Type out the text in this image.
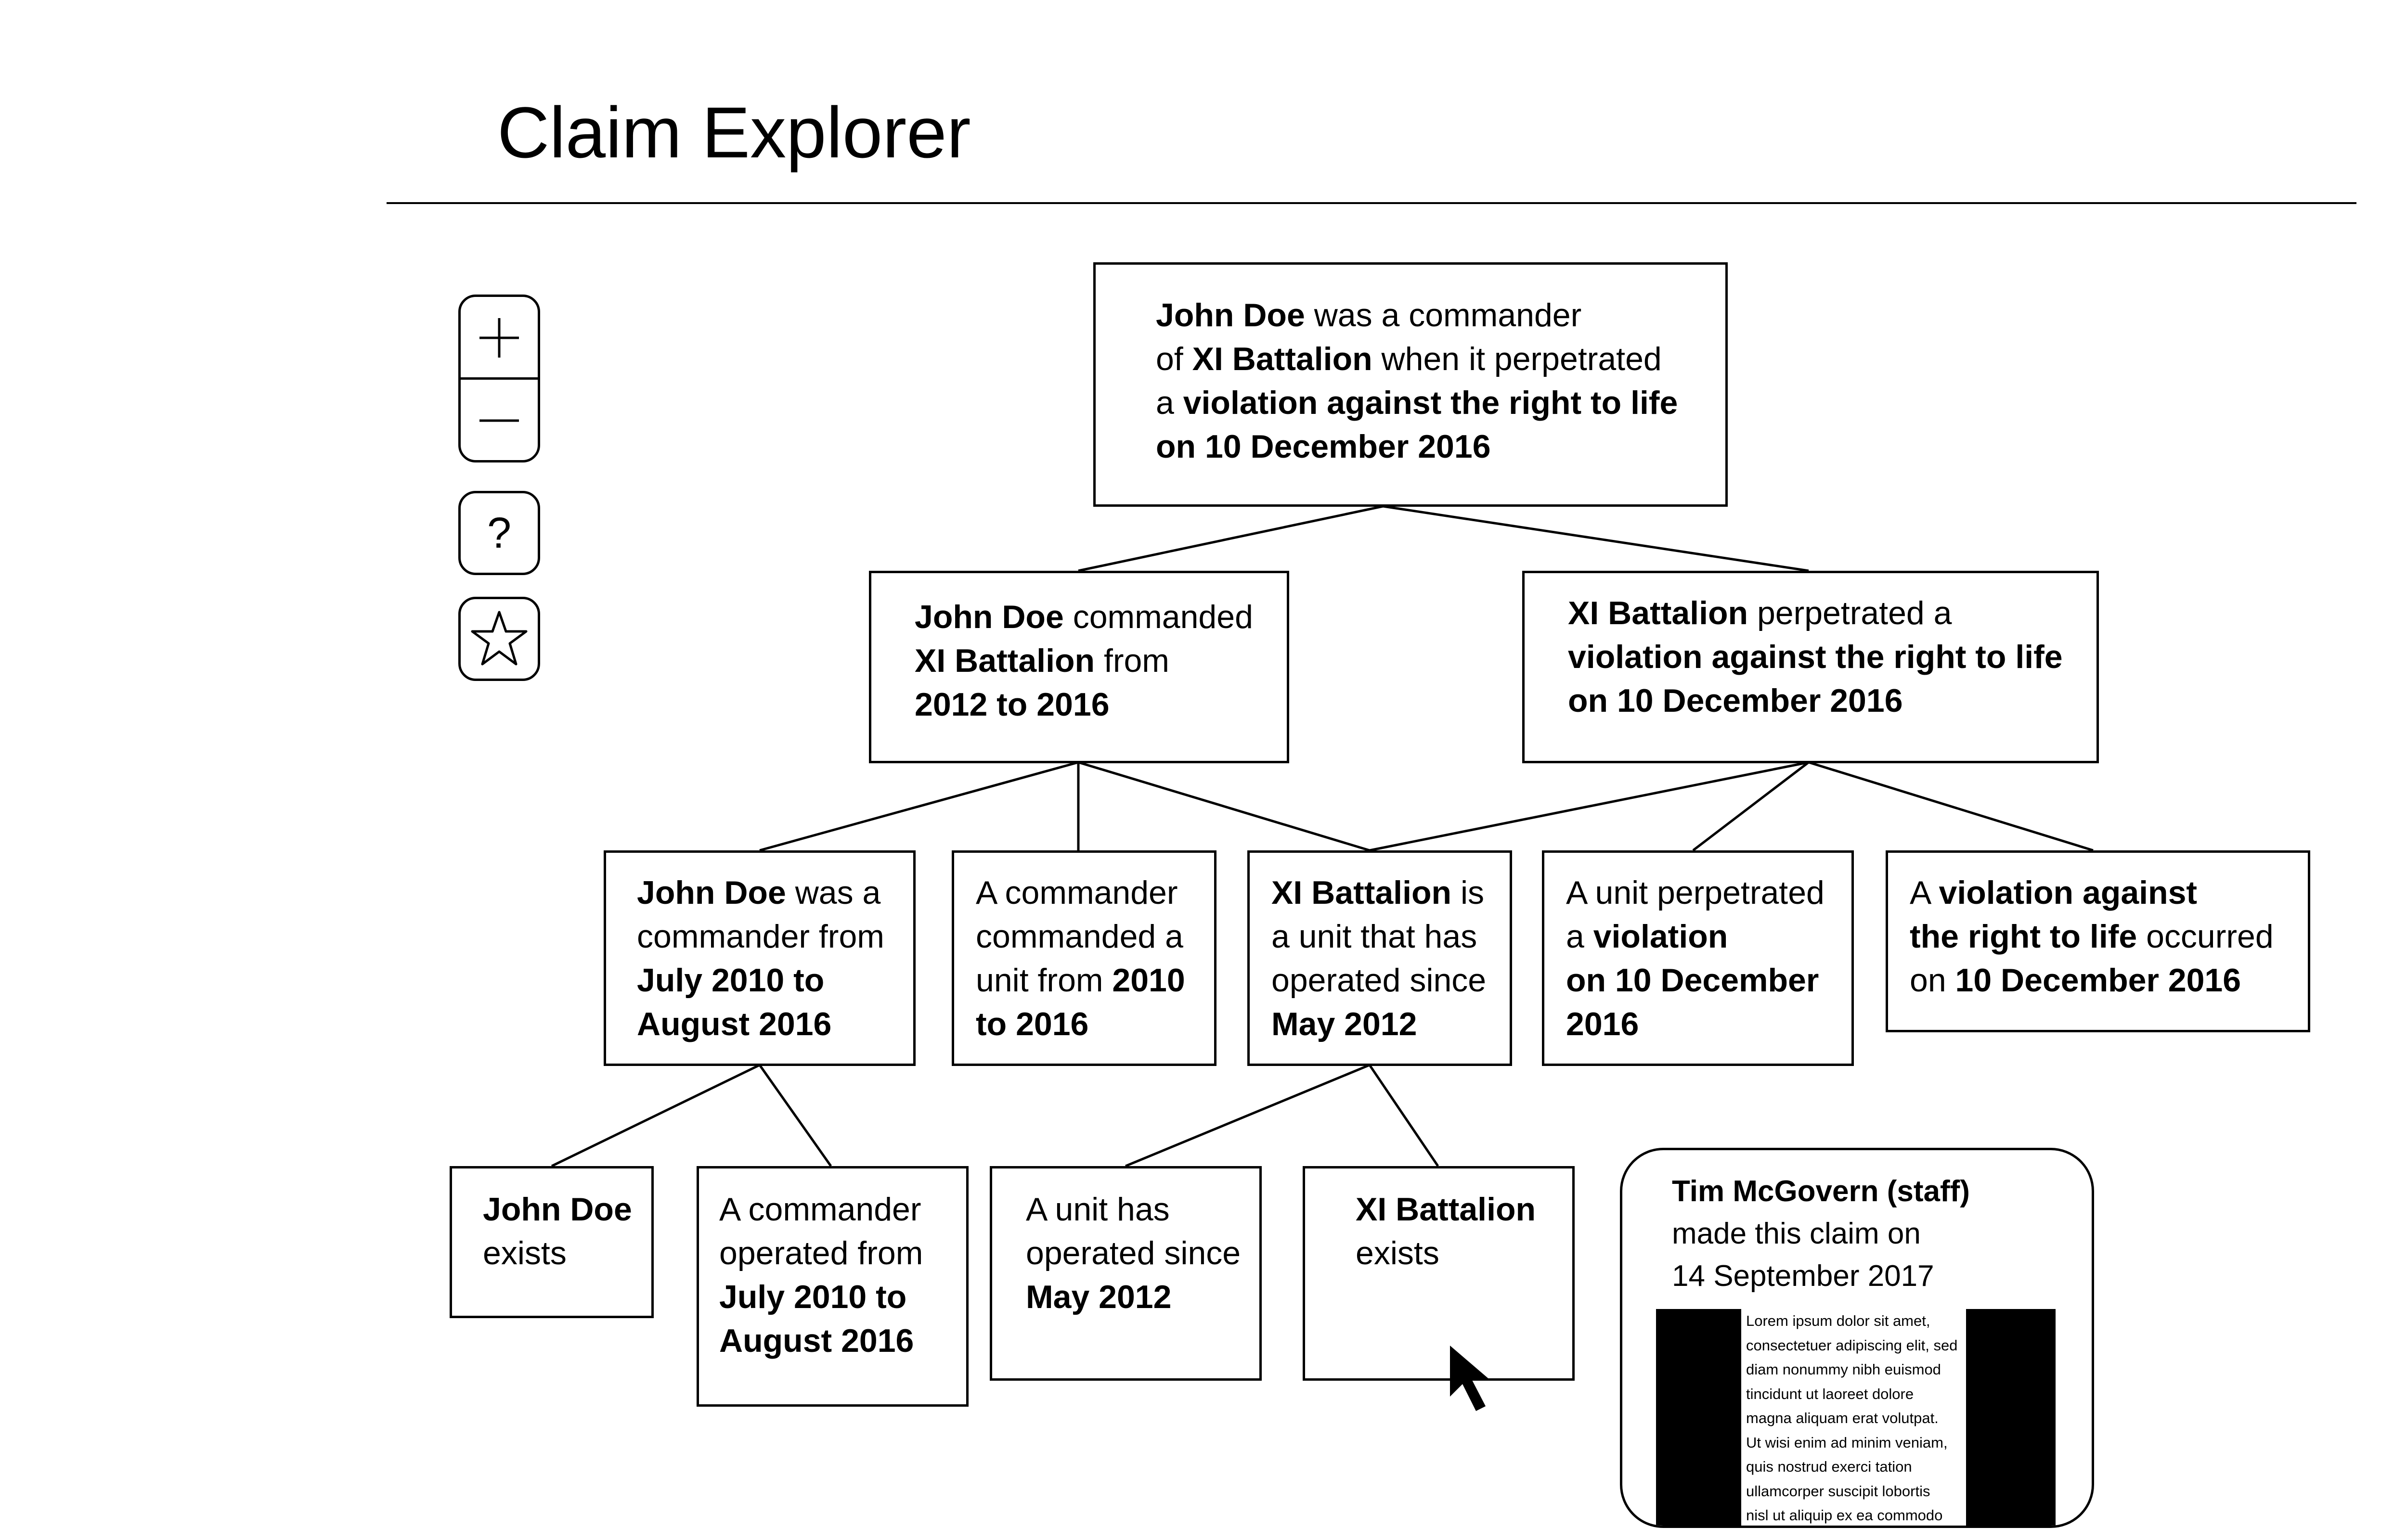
Claim Explorer
?
John Doe was a commander
of XI Battalion when it perpetrated
a violation against the right to life
on 10 December 2016
John Doe commanded
XI Battalion from
2012 to 2016
XI Battalion perpetrated a
violation against the right to life
on 10 December 2016
John Doe was a
commander from
July 2010 to
August 2016
A commander
commanded a
unit from 2010
to 2016
XI Battalion is
a unit that has
operated since
May 2012
A unit perpetrated
a violation
on 10 December
2016
A violation against
the right to life occurred
on 10 December 2016
John Doe
exists
A commander
operated from
July 2010 to
August 2016
A unit has
operated since
May 2012
XI Battalion
exists
Tim McGovern (staff)
made this claim on
14 September 2017
Lorem ipsum dolor sit amet,
consectetuer adipiscing elit, sed
diam nonummy nibh euismod
tincidunt ut laoreet dolore
magna aliquam erat volutpat.
Ut wisi enim ad minim veniam,
quis nostrud exerci tation
ullamcorper suscipit lobortis
nisl ut aliquip ex ea commodo
